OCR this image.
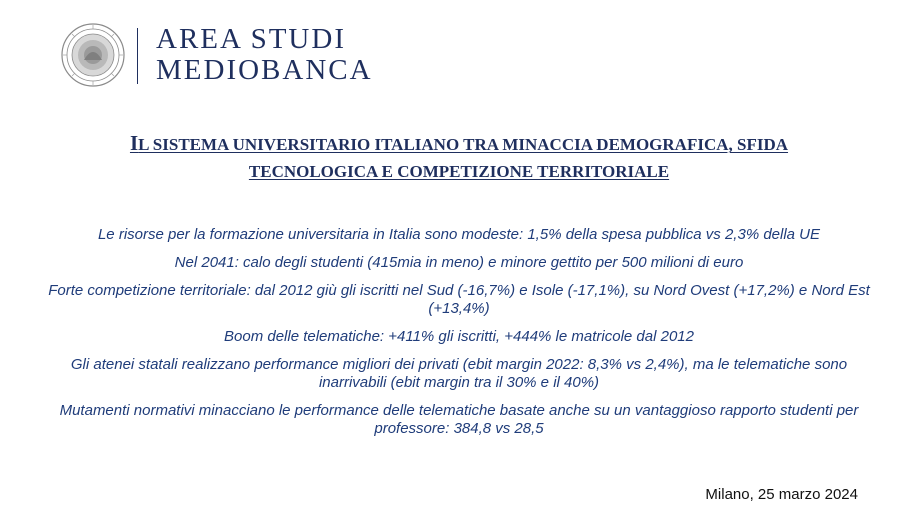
AREA STUDI
MEDIOBANCA
IL SISTEMA UNIVERSITARIO ITALIANO TRA MINACCIA DEMOGRAFICA, SFIDA
TECNOLOGICA E COMPETIZIONE TERRITORIALE
Le risorse per la formazione universitaria in Italia sono modeste: 1,5% della spesa pubblica vs 2,3% della UE
Nel 2041: calo degli studenti (415mia in meno) e minore gettito per 500 milioni di euro
Forte competizione territoriale: dal 2012 giù gli iscritti nel Sud (-16,7%) e Isole (-17,1%), su Nord Ovest (+17,2%) e Nord Est (+13,4%)
Boom delle telematiche: +411% gli iscritti, +444% le matricole dal 2012
Gli atenei statali realizzano performance migliori dei privati (ebit margin 2022: 8,3% vs 2,4%), ma le telematiche sono inarrivabili (ebit margin tra il 30% e il 40%)
Mutamenti normativi minacciano le performance delle telematiche basate anche su un vantaggioso rapporto studenti per professore: 384,8 vs 28,5
Milano, 25 marzo 2024
